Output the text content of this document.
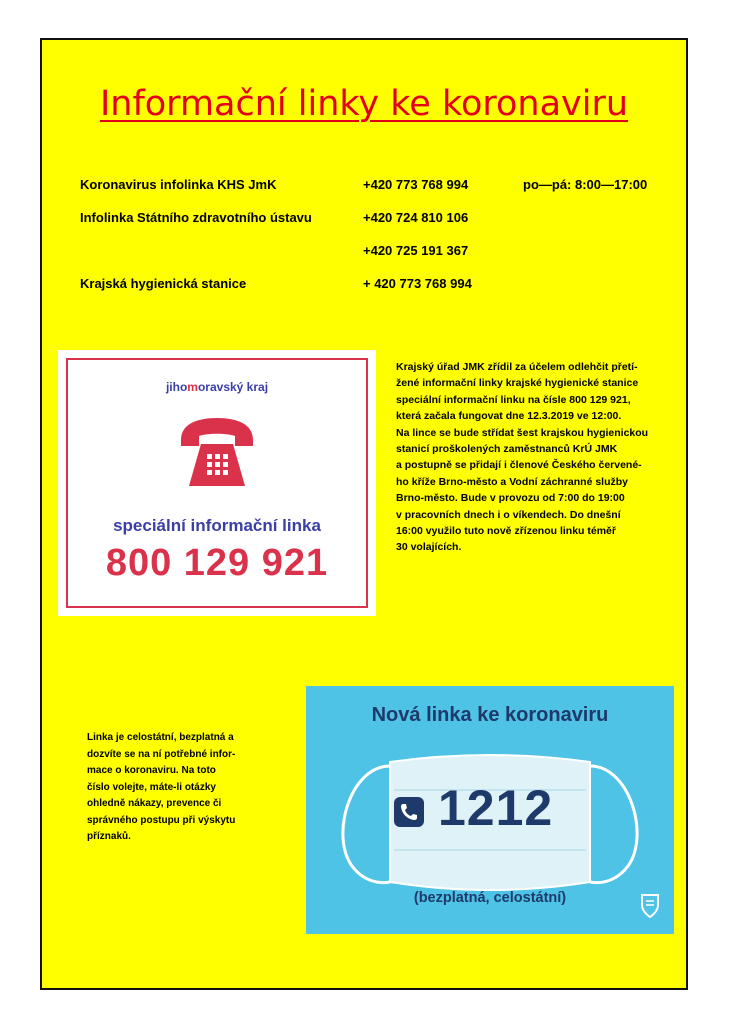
Informační linky ke koronaviru
Koronavirus infolinka KHS JmK	+420 773 768 994	po—pá: 8:00—17:00
Infolinka Státního zdravotního ústavu	+420 724 810 106
+420 725 191 367
Krajská hygienická stanice	+ 420 773 768 994
jihomoravský kraj
speciální informační linka
800 129 921
Krajský úřad JMK zřídil za účelem odlehčit přetí-
žené informační linky krajské hygienické stanice
speciální informační linku na čísle 800 129 921,
která začala fungovat dne 12.3.2019 ve 12:00.
Na lince se bude střídat šest krajskou hygienickou
stanicí proškolených zaměstnanců KrÚ JMK
a postupně se přidají i členové Českého červené-
ho kříže Brno-město a Vodní záchranné služby
Brno-město. Bude v provozu od 7:00 do 19:00
v pracovních dnech i o víkendech. Do dnešní
16:00 využilo tuto nově zřízenou linku téměř
30 volajících.
Linka je celostátní, bezplatná a
dozvíte se na ní potřebné infor-
mace o koronaviru. Na toto
číslo volejte, máte-li otázky
ohledně nákazy, prevence či
správného postupu při výskytu
příznaků.
Nová linka ke koronaviru
1212
(bezplatná, celostátní)
